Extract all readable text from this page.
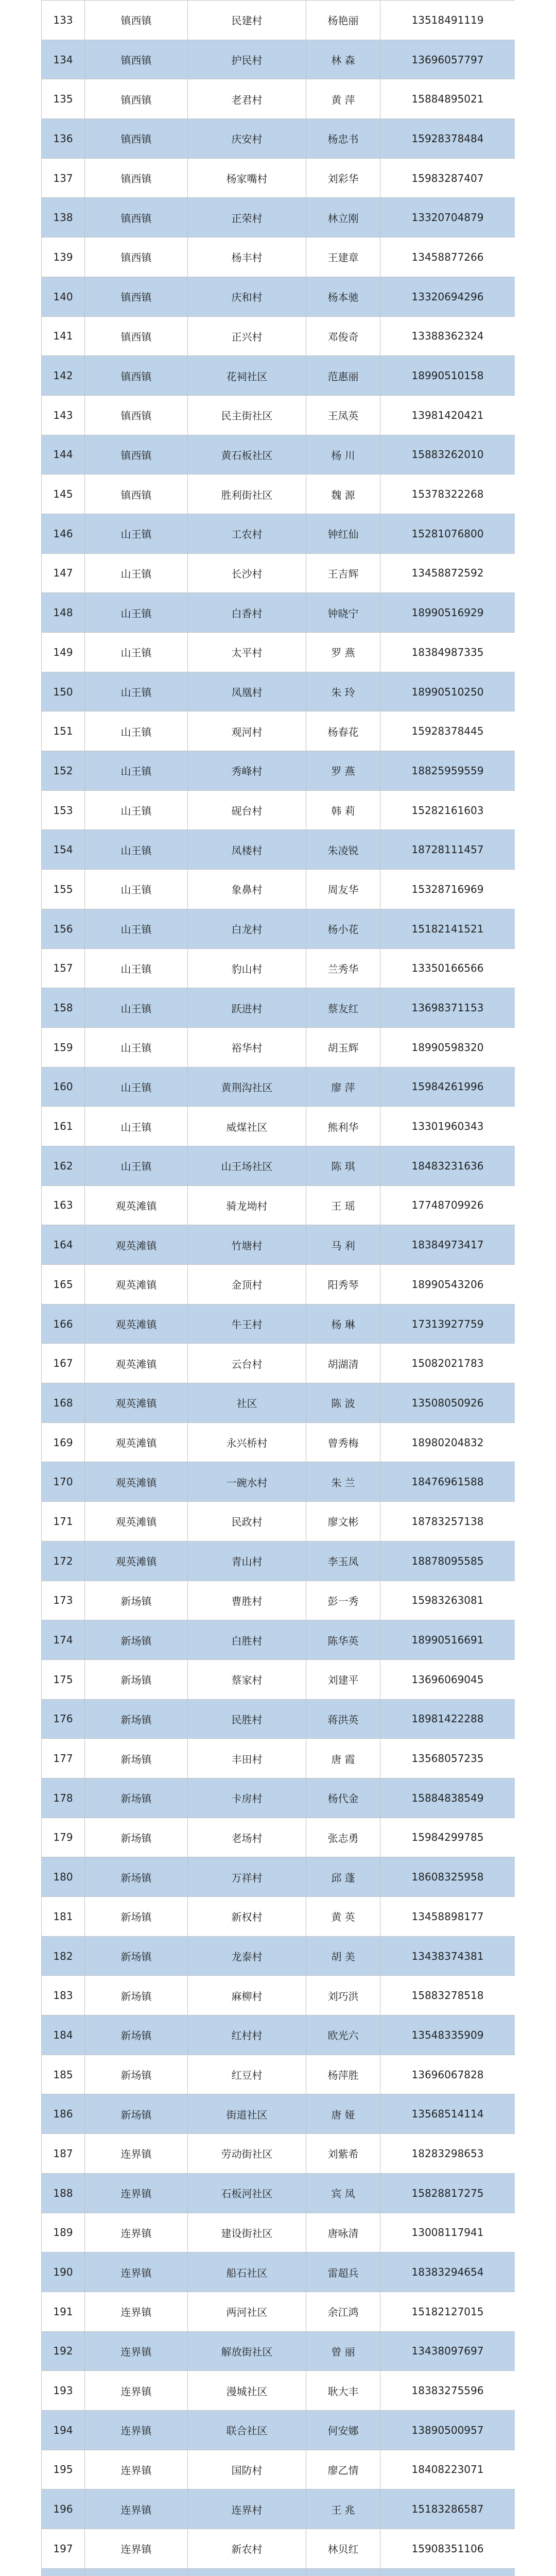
133	镇西镇	民建村	杨艳丽	13518491119
134	镇西镇	护民村	林 森	13696057797
135	镇西镇	老君村	黄 萍	15884895021
136	镇西镇	庆安村	杨忠书	15928378484
137	镇西镇	杨家嘴村	刘彩华	15983287407
138	镇西镇	正荣村	林立刚	13320704879
139	镇西镇	杨丰村	王建章	13458877266
140	镇西镇	庆和村	杨本驰	13320694296
141	镇西镇	正兴村	邓俊奇	13388362324
142	镇西镇	花祠社区	范惠丽	18990510158
143	镇西镇	民主街社区	王凤英	13981420421
144	镇西镇	黄石板社区	杨 川	15883262010
145	镇西镇	胜利街社区	魏 源	15378322268
146	山王镇	工农村	钟红仙	15281076800
147	山王镇	长沙村	王吉辉	13458872592
148	山王镇	白香村	钟晓宁	18990516929
149	山王镇	太平村	罗 燕	18384987335
150	山王镇	凤凰村	朱 玲	18990510250
151	山王镇	观河村	杨春花	15928378445
152	山王镇	秀峰村	罗 燕	18825959559
153	山王镇	砚台村	韩 莉	15282161603
154	山王镇	凤楼村	朱凌锐	18728111457
155	山王镇	象鼻村	周友华	15328716969
156	山王镇	白龙村	杨小花	15182141521
157	山王镇	豹山村	兰秀华	13350166566
158	山王镇	跃进村	蔡友红	13698371153
159	山王镇	裕华村	胡玉辉	18990598320
160	山王镇	黄荆沟社区	廖 萍	15984261996
161	山王镇	威煤社区	熊利华	13301960343
162	山王镇	山王场社区	陈 琪	18483231636
163	观英滩镇	骑龙坳村	王 瑶	17748709926
164	观英滩镇	竹塘村	马 利	18384973417
165	观英滩镇	金顶村	阳秀琴	18990543206
166	观英滩镇	牛王村	杨 琳	17313927759
167	观英滩镇	云台村	胡湖清	15082021783
168	观英滩镇	社区	陈 波	13508050926
169	观英滩镇	永兴桥村	曾秀梅	18980204832
170	观英滩镇	一碗水村	朱 兰	18476961588
171	观英滩镇	民政村	廖文彬	18783257138
172	观英滩镇	青山村	李玉凤	18878095585
173	新场镇	曹胜村	彭一秀	15983263081
174	新场镇	白胜村	陈华英	18990516691
175	新场镇	蔡家村	刘建平	13696069045
176	新场镇	民胜村	蒋洪英	18981422288
177	新场镇	丰田村	唐 霞	13568057235
178	新场镇	卡房村	杨代金	15884838549
179	新场镇	老场村	张志勇	15984299785
180	新场镇	万祥村	邱 蓬	18608325958
181	新场镇	新权村	黄 英	13458898177
182	新场镇	龙泰村	胡 美	13438374381
183	新场镇	麻柳村	刘巧洪	15883278518
184	新场镇	红村村	欧光六	13548335909
185	新场镇	红豆村	杨萍胜	13696067828
186	新场镇	街道社区	唐 娅	13568514114
187	连界镇	劳动街社区	刘紫希	18283298653
188	连界镇	石板河社区	宾 凤	15828817275
189	连界镇	建设街社区	唐咏清	13008117941
190	连界镇	船石社区	雷超兵	18383294654
191	连界镇	两河社区	余江鸿	15182127015
192	连界镇	解放街社区	曾 丽	13438097697
193	连界镇	漫城社区	耿大丰	18383275596
194	连界镇	联合社区	何安娜	13890500957
195	连界镇	国防村	廖乙情	18408223071
196	连界镇	连界村	王 兆	15183286587
197	连界镇	新农村	林贝红	15908351106
